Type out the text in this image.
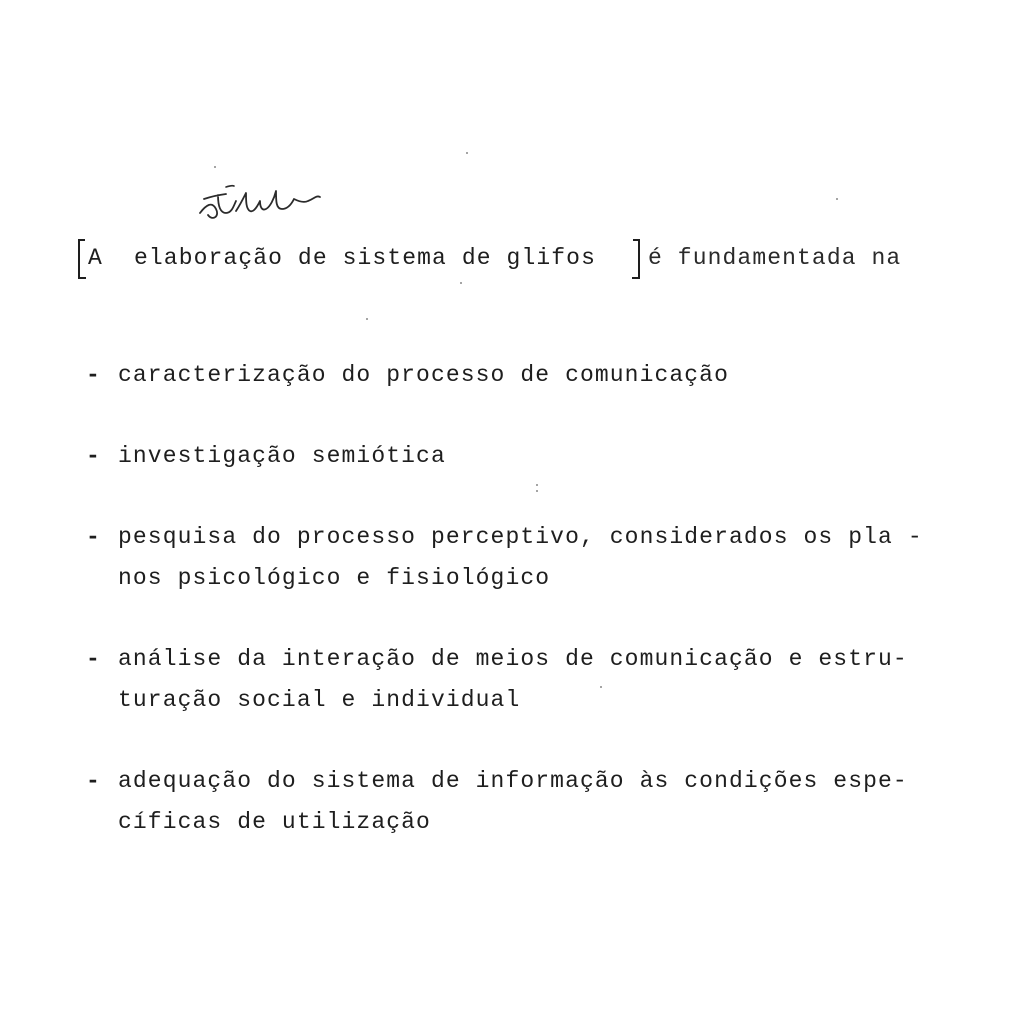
A elaboração de sistema de glifos é fundamentada na
- caracterização do processo de comunicação
- investigação semiótica
- pesquisa do processo perceptivo, considerados os pla -
nos psicológico e fisiológico
- análise da interação de meios de comunicação e estru-
turação social e individual
- adequação do sistema de informação às condições espe-
cíficas de utilização
